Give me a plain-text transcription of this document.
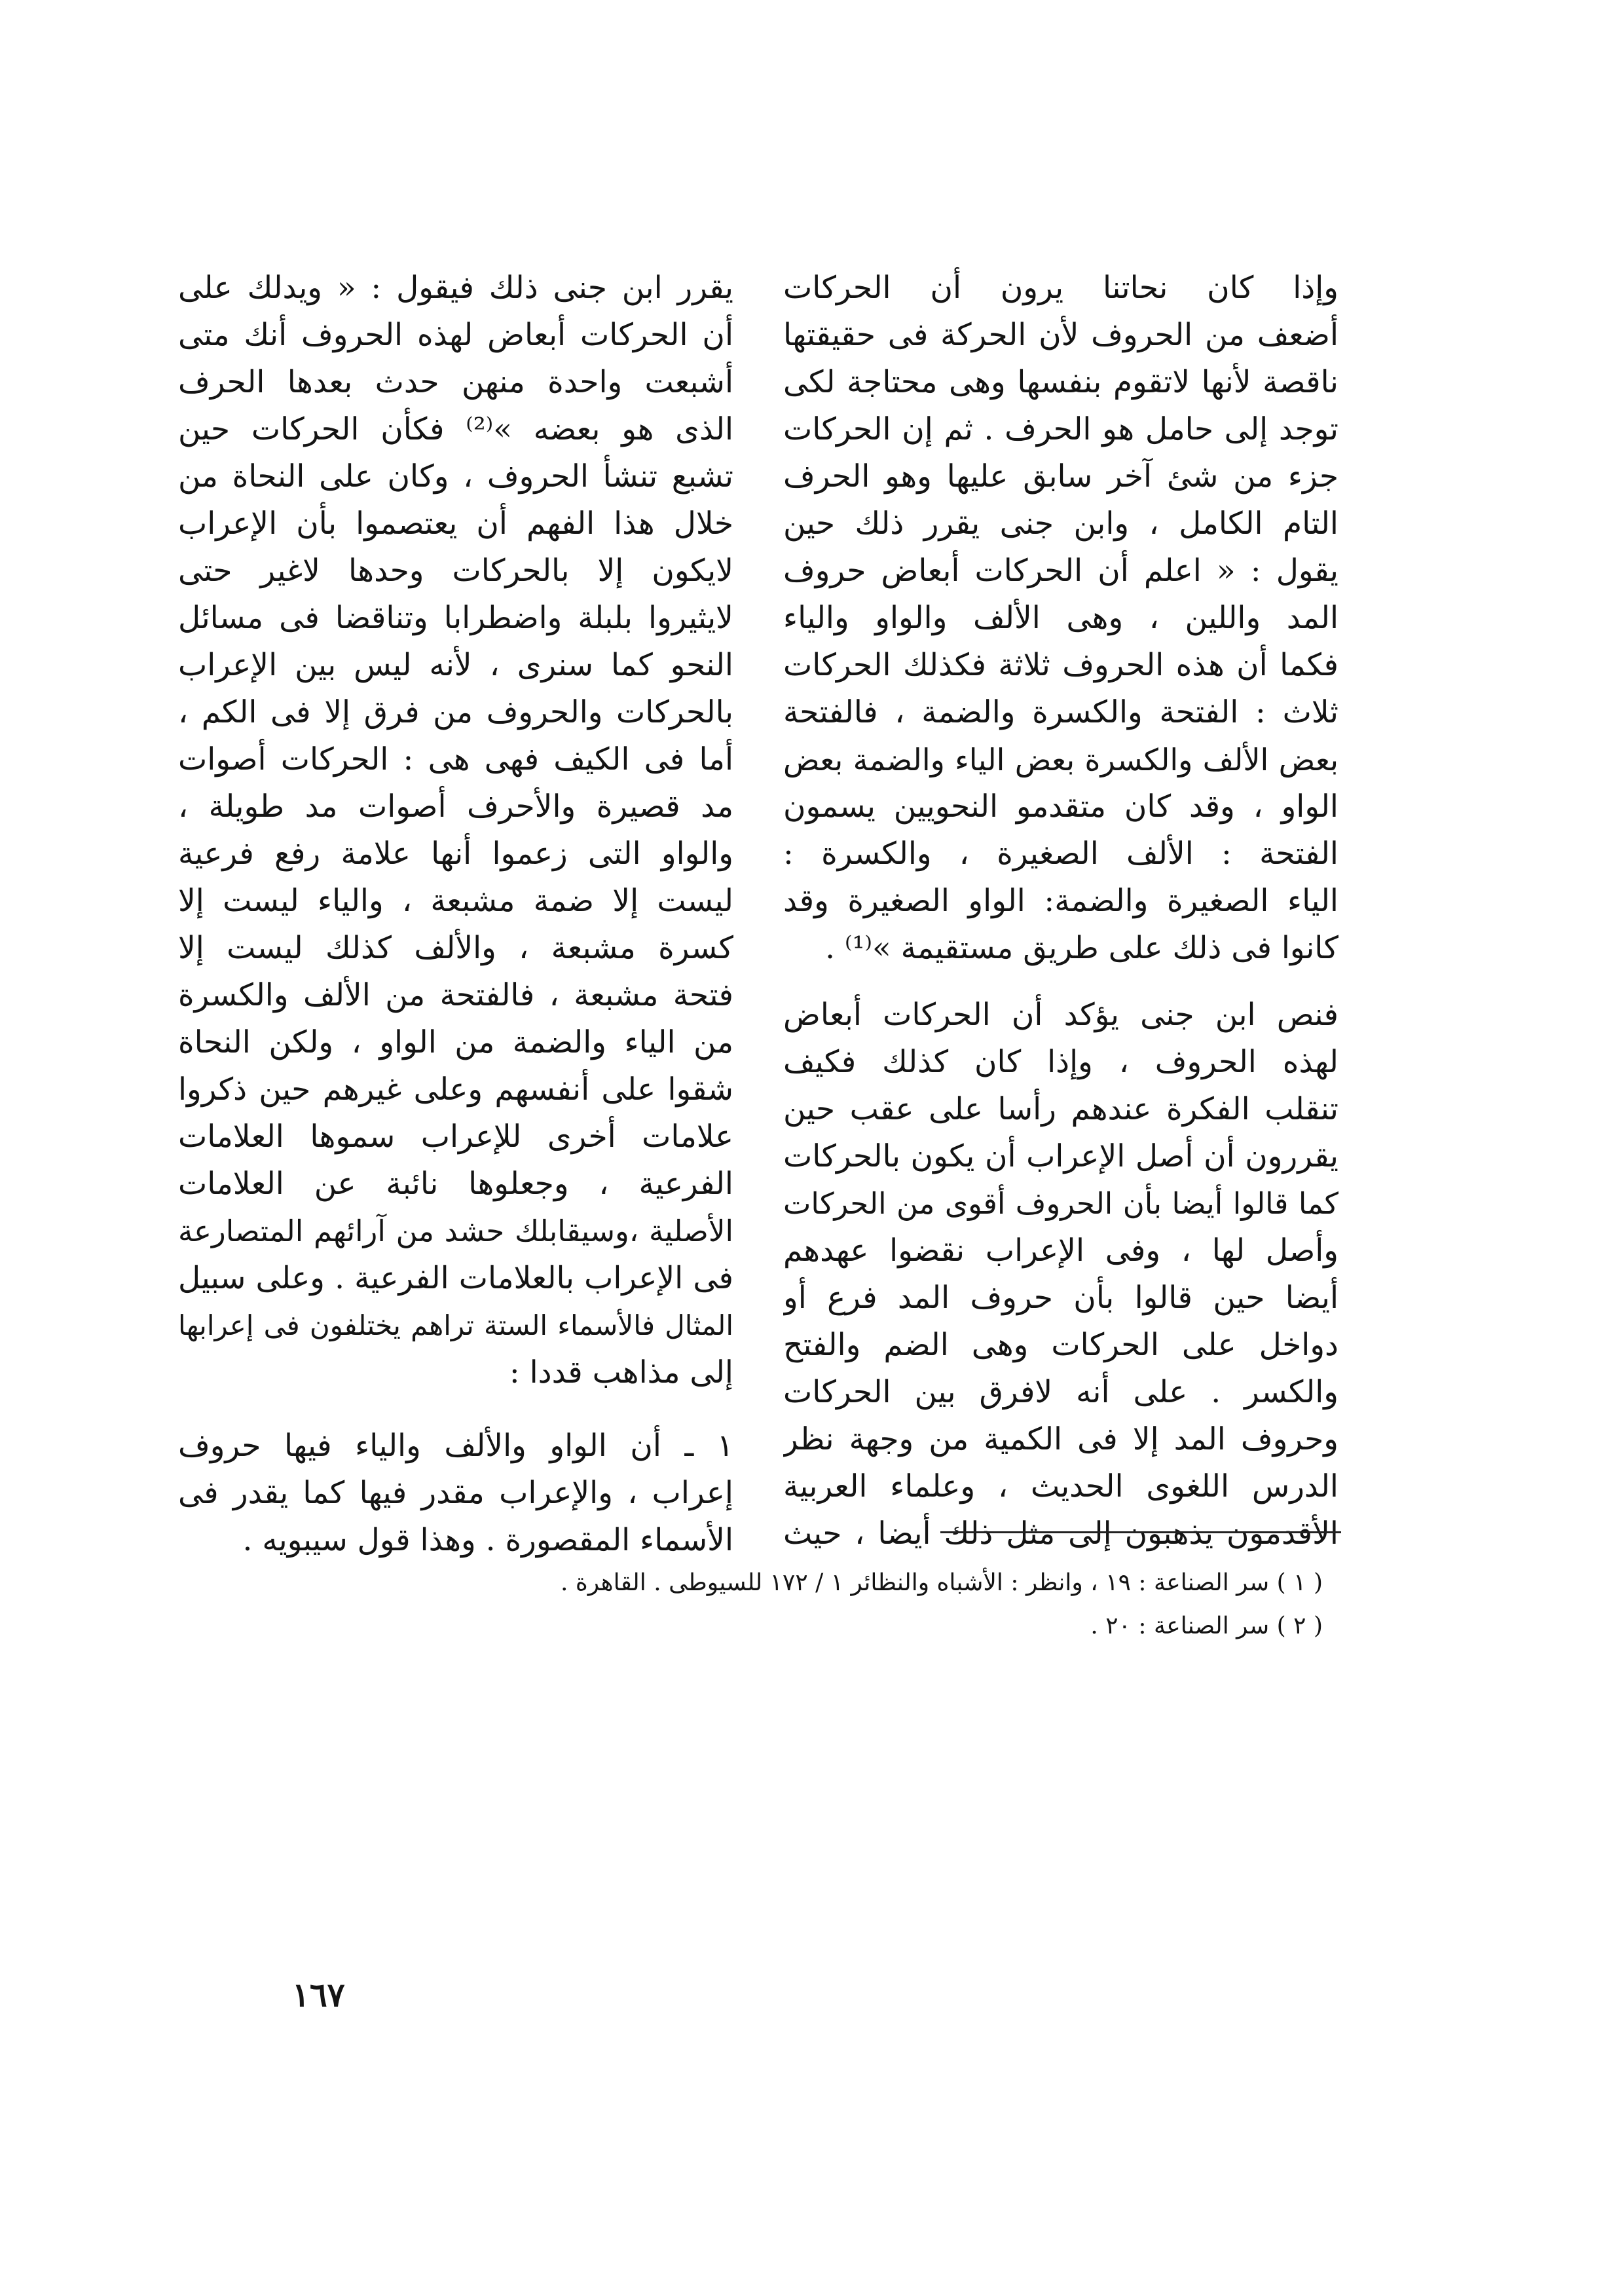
وإذا كان نحاتنا يرون أن الحركات
أضعف من الحروف لأن الحركة فى حقيقتها
ناقصة لأنها لاتقوم بنفسها وهى محتاجة لكى
توجد إلى حامل هو الحرف . ثم إن الحركات
جزء من شئ آخر سابق عليها وهو الحرف
التام الكامل ، وابن جنى يقرر ذلك حين
يقول : « اعلم أن الحركات أبعاض حروف
المد واللين ، وهى الألف والواو والياء
فكما أن هذه الحروف ثلاثة فكذلك الحركات
ثلاث : الفتحة والكسرة والضمة ، فالفتحة
بعض الألف والكسرة بعض الياء والضمة بعض
الواو ، وقد كان متقدمو النحويين يسمون
الفتحة : الألف الصغيرة ، والكسرة :
الياء الصغيرة والضمة: الواو الصغيرة وقد
كانوا فى ذلك على طريق مستقيمة »⁽¹⁾ .
فنص ابن جنى يؤكد أن الحركات أبعاض
لهذه الحروف ، وإذا كان كذلك فكيف
تنقلب الفكرة عندهم رأسا على عقب حين
يقررون أن أصل الإعراب أن يكون بالحركات
كما قالوا أيضا بأن الحروف أقوى من الحركات
وأصل لها ، وفى الإعراب نقضوا عهدهم
أيضا حين قالوا بأن حروف المد فرع أو
دواخل على الحركات وهى الضم والفتح
والكسر . على أنه لافرق بين الحركات
وحروف المد إلا فى الكمية من وجهة نظر
الدرس اللغوى الحديث ، وعلماء العربية
الأقدمون يذهبون إلى مثل ذلك أيضا ، حيث
يقرر ابن جنى ذلك فيقول : « ويدلك على
أن الحركات أبعاض لهذه الحروف أنك متى
أشبعت واحدة منهن حدث بعدها الحرف
الذى هو بعضه »⁽²⁾ فكأن الحركات حين
تشبع تنشأ الحروف ، وكان على النحاة من
خلال هذا الفهم أن يعتصموا بأن الإعراب
لايكون إلا بالحركات وحدها لاغير حتى
لايثيروا بلبلة واضطرابا وتناقضا فى مسائل
النحو كما سنرى ، لأنه ليس بين الإعراب
بالحركات والحروف من فرق إلا فى الكم ،
أما فى الكيف فهى هى : الحركات أصوات
مد قصيرة والأحرف أصوات مد طويلة ،
والواو التى زعموا أنها علامة رفع فرعية
ليست إلا ضمة مشبعة ، والياء ليست إلا
كسرة مشبعة ، والألف كذلك ليست إلا
فتحة مشبعة ، فالفتحة من الألف والكسرة
من الياء والضمة من الواو ، ولكن النحاة
شقوا على أنفسهم وعلى غيرهم حين ذكروا
علامات أخرى للإعراب سموها العلامات
الفرعية ، وجعلوها نائبة عن العلامات
الأصلية ،وسيقابلك حشد من آرائهم المتصارعة
فى الإعراب بالعلامات الفرعية . وعلى سبيل
المثال فالأسماء الستة تراهم يختلفون فى إعرابها
إلى مذاهب قددا :
١ ـ أن الواو والألف والياء فيها حروف
إعراب ، والإعراب مقدر فيها كما يقدر فى
الأسماء المقصورة . وهذا قول سيبويه .
( ١ ) سر الصناعة : ١٩ ، وانظر : الأشباه والنظائر ١ / ١٧٢ للسيوطى . القاهرة .
( ٢ ) سر الصناعة : ٢٠ .
١٦٧
